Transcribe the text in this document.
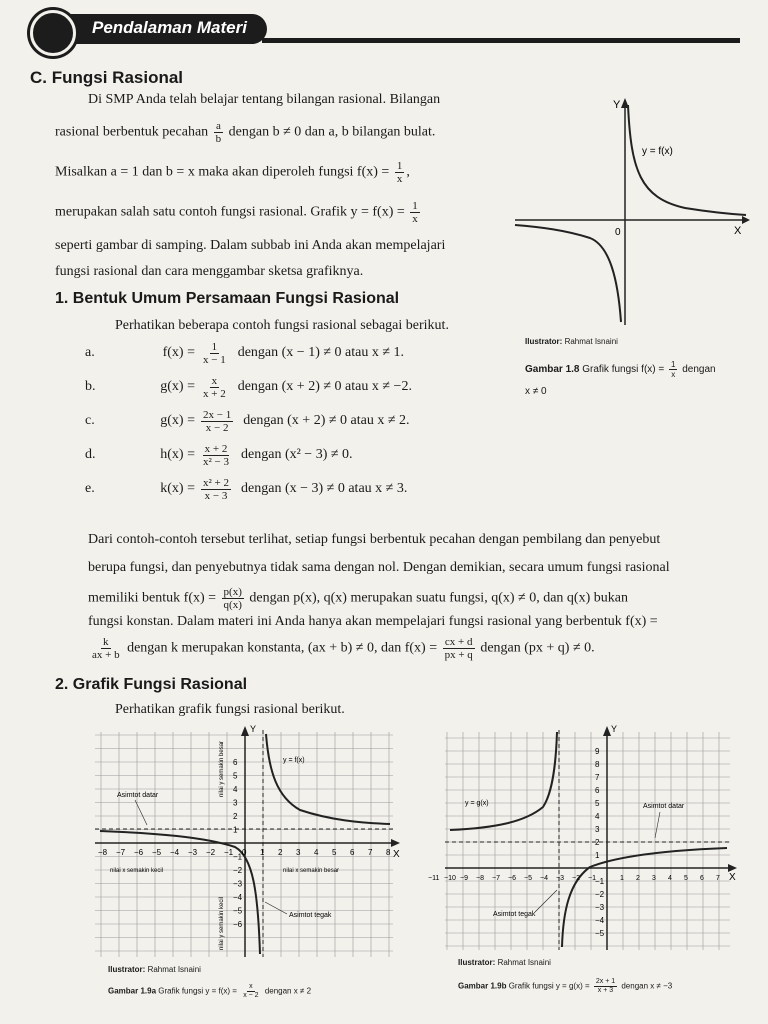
Pendalaman Materi
C. Fungsi Rasional
Di SMP Anda telah belajar tentang bilangan rasional. Bilangan
rasional berbentuk pecahan $\frac{a}{b}$ dengan b ≠ 0 dan a, b bilangan bulat.
Misalkan a = 1 dan b = x maka akan diperoleh fungsi $f(x) = \frac{1}{x}$ ,
merupakan salah satu contoh fungsi rasional. Grafik $y = f(x) = \frac{1}{x}$
seperti gambar di samping. Dalam subbab ini Anda akan mempelajari
fungsi rasional dan cara menggambar sketsa grafiknya.
Y
X
0
y = f(x)
Ilustrator: Rahmat Isnaini
Gambar 1.8 Grafik fungsi $f(x) = \frac{1}{x}$ dengan
x ≠ 0
1. Bentuk Umum Persamaan Fungsi Rasional
Perhatikan beberapa contoh fungsi rasional sebagai berikut.
a.	$f(x) = \frac{1}{x - 1}$ dengan (x − 1) ≠ 0 atau x ≠ 1.
b.	$g(x) = \frac{x}{x + 2}$ dengan (x + 2) ≠ 0 atau x ≠ −2.
c.	$g(x) = \frac{2x - 1}{x - 2}$ dengan (x + 2) ≠ 0 atau x ≠ 2.
d.	$h(x) = \frac{x + 2}{\text{x² − 3}}$ dengan (x² − 3) ≠ 0.
e.	$k(x) = \frac{\text{x² + 2}}{x - 3}$ dengan (x − 3) ≠ 0 atau x ≠ 3.
Dari contoh-contoh tersebut terlihat, setiap fungsi berbentuk pecahan dengan pembilang dan penyebut
berupa fungsi, dan penyebutnya tidak sama dengan nol. Dengan demikian, secara umum fungsi rasional
memiliki bentuk $f(x) = \frac{p(x)}{q(x)}$ dengan p(x), q(x) merupakan suatu fungsi, q(x) ≠ 0, dan q(x) bukan
fungsi konstan. Dalam materi ini Anda hanya akan mempelajari fungsi rasional yang berbentuk f(x) =
$\frac{k}{ax + b}$ dengan k merupakan konstanta, (ax + b) ≠ 0, dan $f(x) = \frac{cx + d}{px + q}$ dengan (px + q) ≠ 0.
2. Grafik Fungsi Rasional
Perhatikan grafik fungsi rasional berikut.
−8 −7 −6 −5 −4 −3 −2 −1 0 1 2 3 4 5 6 7 8
−6
−5
−4
−3
−2
−1
1
2
3
4
5
6
Y
X
y = f(x)
Asimtot datar
Asimtot tegak
nilai x semakin besar
nilai x semakin kecil
nilai y semakin besar
nilai y semakin kecil
Ilustrator: Rahmat Isnaini
Gambar 1.9a Grafik fungsi $y = f(x) = \frac{x}{x - 2}$ dengan x ≠ 2
−11 −10 −9 −8 −7 −6 −5 −4 −3 −2 −1	1 2 3 4 5 6 7
−5
−4
−3
−2
−1
1
2
3
4
5
6
7
8
9
Y
X
y = g(x)	Asimtot datar
Asimtot tegak
Ilustrator: Rahmat Isnaini
Gambar 1.9b Grafik fungsi $y = g(x) = \frac{2x + 1}{x + 3}$ dengan x ≠ −3
